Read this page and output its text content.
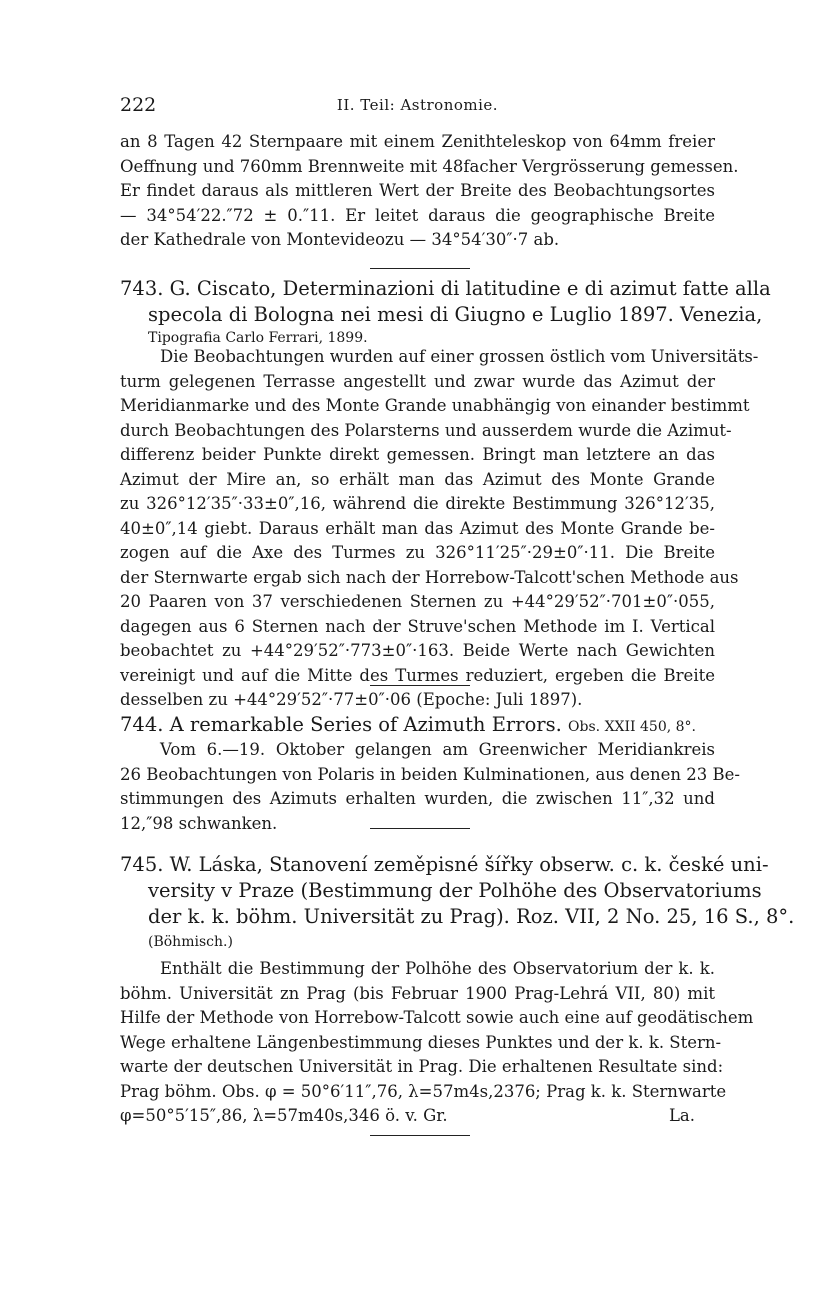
222	II. Teil: Astronomie.
an 8 Tagen 42 Sternpaare mit einem Zenithteleskop von 64mm freier
Oeffnung und 760mm Brennweite mit 48facher Vergrösserung gemessen.
Er findet daraus als mittleren Wert der Breite des Beobachtungsortes
— 34°54′22.″72 ± 0.″11. Er leitet daraus die geographische Breite
der Kathedrale von Montevideozu — 34°54′30″·7 ab.
743. G. Ciscato, Determinazioni di latitudine e di azimut fatte alla
specola di Bologna nei mesi di Giugno e Luglio 1897. Venezia,
Tipografia Carlo Ferrari, 1899.
Die Beobachtungen wurden auf einer grossen östlich vom Universitäts-
turm gelegenen Terrasse angestellt und zwar wurde das Azimut der
Meridianmarke und des Monte Grande unabhängig von einander bestimmt
durch Beobachtungen des Polarsterns und ausserdem wurde die Azimut-
differenz beider Punkte direkt gemessen. Bringt man letztere an das
Azimut der Mire an, so erhält man das Azimut des Monte Grande
zu 326°12′35″·33±0″,16, während die direkte Bestimmung 326°12′35,
40±0″,14 giebt. Daraus erhält man das Azimut des Monte Grande be-
zogen auf die Axe des Turmes zu 326°11′25″·29±0″·11. Die Breite
der Sternwarte ergab sich nach der Horrebow-Talcott'schen Methode aus
20 Paaren von 37 verschiedenen Sternen zu +44°29′52″·701±0″·055,
dagegen aus 6 Sternen nach der Struve'schen Methode im I. Vertical
beobachtet zu +44°29′52″·773±0″·163. Beide Werte nach Gewichten
vereinigt und auf die Mitte des Turmes reduziert, ergeben die Breite
desselben zu +44°29′52″·77±0″·06 (Epoche: Juli 1897).
744. A remarkable Series of Azimuth Errors. Obs. XXII 450, 8°.
Vom 6.—19. Oktober gelangen am Greenwicher Meridiankreis
26 Beobachtungen von Polaris in beiden Kulminationen, aus denen 23 Be-
stimmungen des Azimuts erhalten wurden, die zwischen 11″,32 und
12,″98 schwanken.
745. W. Láska, Stanovení zeměpisné šířky obserw. c. k. české uni-
versity v Praze (Bestimmung der Polhöhe des Observatoriums
der k. k. böhm. Universität zu Prag). Roz. VII, 2 No. 25, 16 S., 8°.
(Böhmisch.)
Enthält die Bestimmung der Polhöhe des Observatorium der k. k.
böhm. Universität zn Prag (bis Februar 1900 Prag-Lehrá VII, 80) mit
Hilfe der Methode von Horrebow-Talcott sowie auch eine auf geodätischem
Wege erhaltene Längenbestimmung dieses Punktes und der k. k. Stern-
warte der deutschen Universität in Prag. Die erhaltenen Resultate sind:
Prag böhm. Obs. φ = 50°6′11″,76, λ=57m4s,2376; Prag k. k. Sternwarte
φ=50°5′15″,86, λ=57m40s,346 ö. v. Gr.	La.
